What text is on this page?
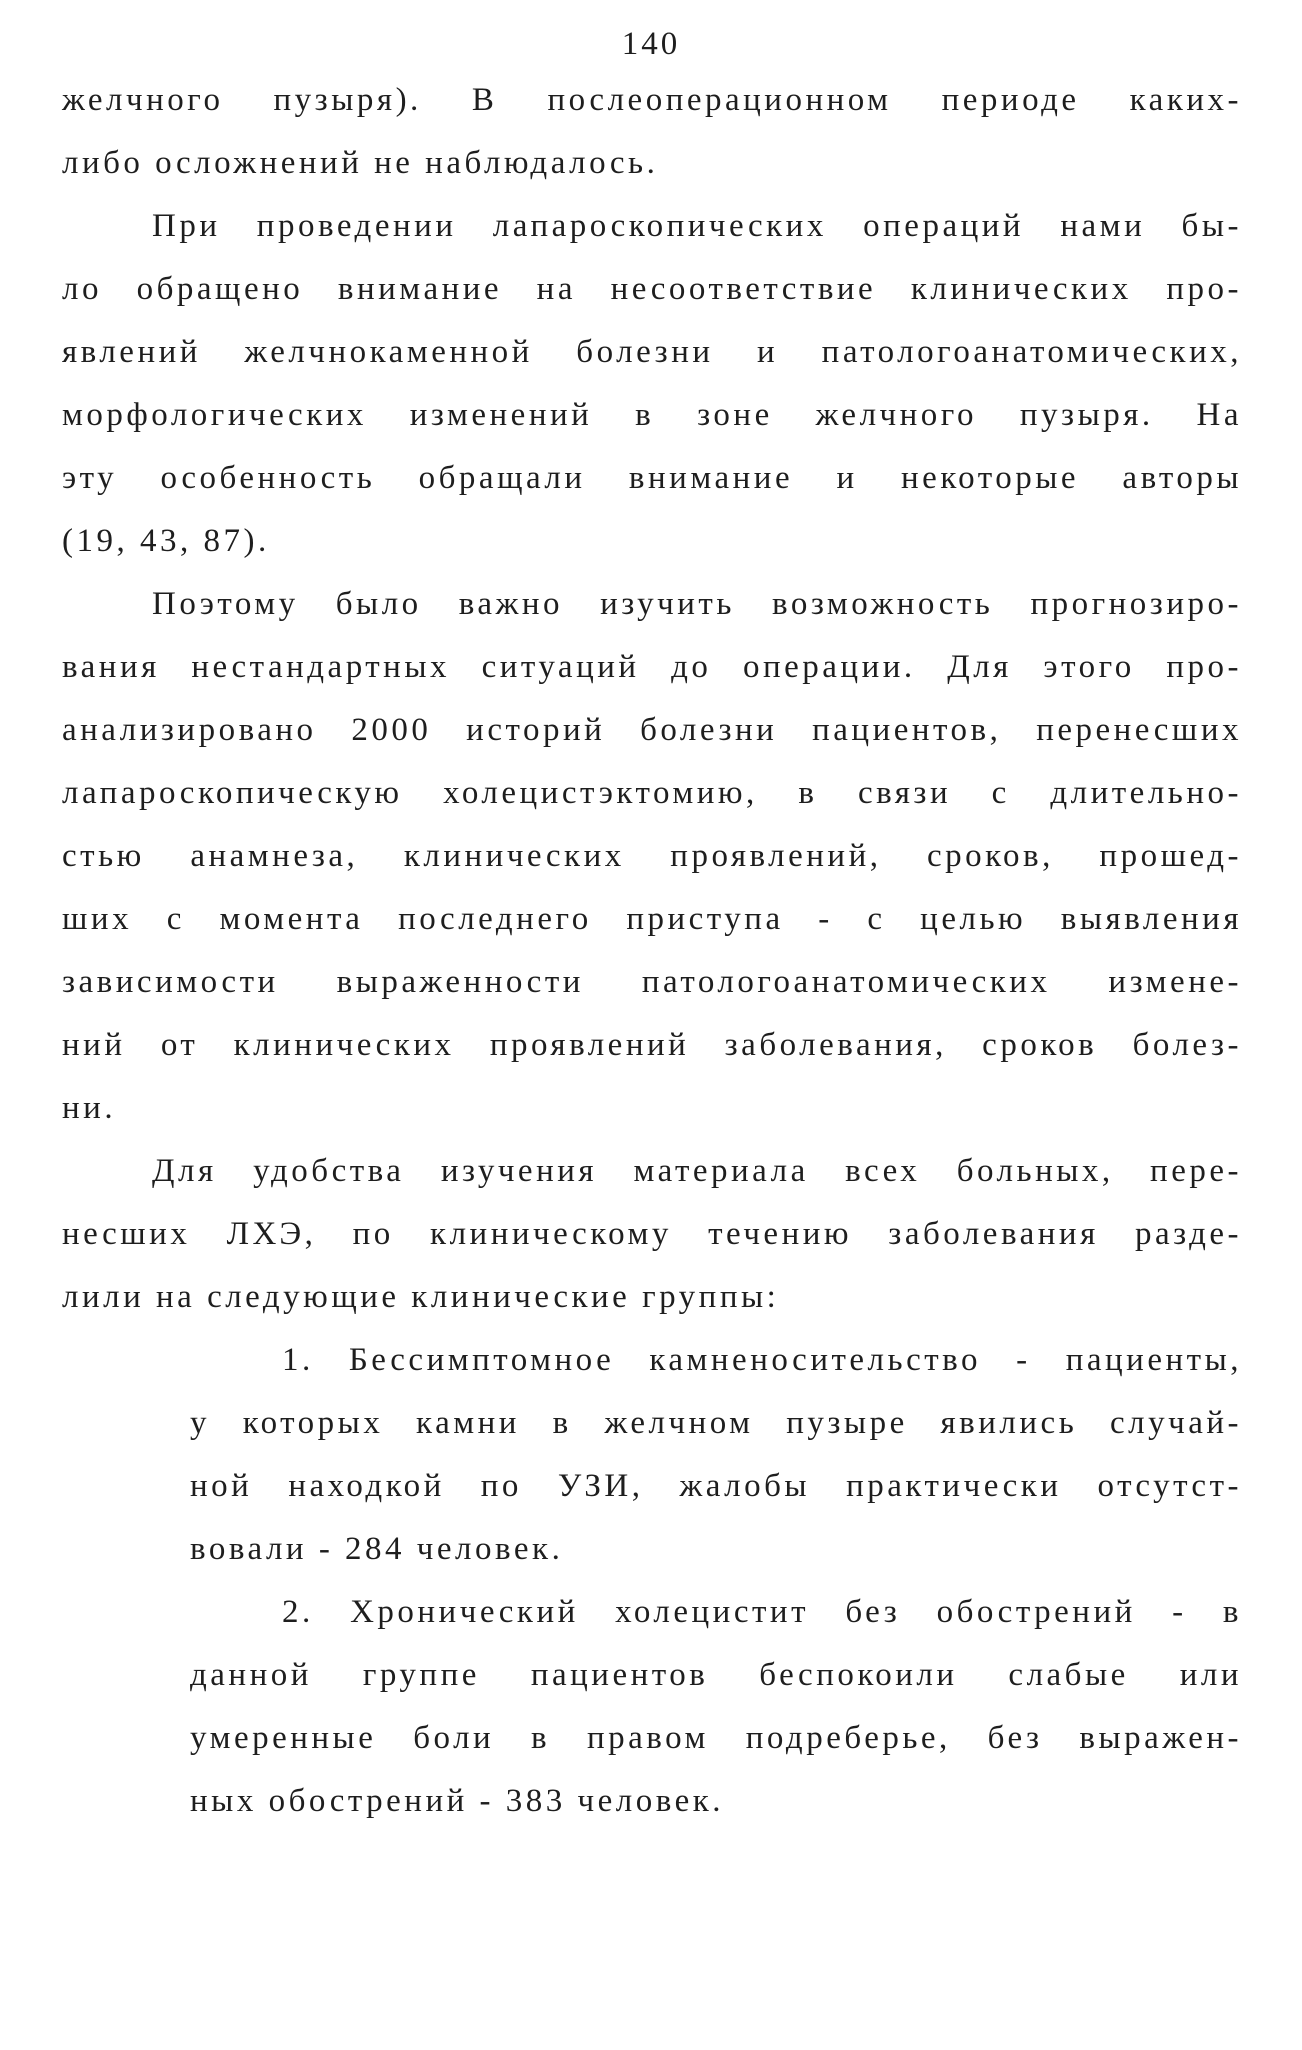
140
желчного пузыря). В послеоперационном периоде каких-
либо осложнений не наблюдалось.
При проведении лапароскопических операций нами бы-
ло обращено внимание на несоответствие клинических про-
явлений желчнокаменной болезни и патологоанатомических,
морфологических изменений в зоне желчного пузыря. На
эту особенность обращали внимание и некоторые авторы
(19, 43, 87).
Поэтому было важно изучить возможность прогнозиро-
вания нестандартных ситуаций до операции. Для этого про-
анализировано 2000 историй болезни пациентов, перенесших
лапароскопическую холецистэктомию, в связи с длительно-
стью анамнеза, клинических проявлений, сроков, прошед-
ших с момента последнего приступа - с целью выявления
зависимости выраженности патологоанатомических измене-
ний от клинических проявлений заболевания, сроков болез-
ни.
Для удобства изучения материала всех больных, пере-
несших ЛХЭ, по клиническому течению заболевания разде-
лили на следующие клинические группы:
1. Бессимптомное камненосительство - пациенты,
у которых камни в желчном пузыре явились случай-
ной находкой по УЗИ, жалобы практически отсутст-
вовали - 284 человек.
2. Хронический холецистит без обострений - в
данной группе пациентов беспокоили слабые или
умеренные боли в правом подреберье, без выражен-
ных обострений - 383 человек.
